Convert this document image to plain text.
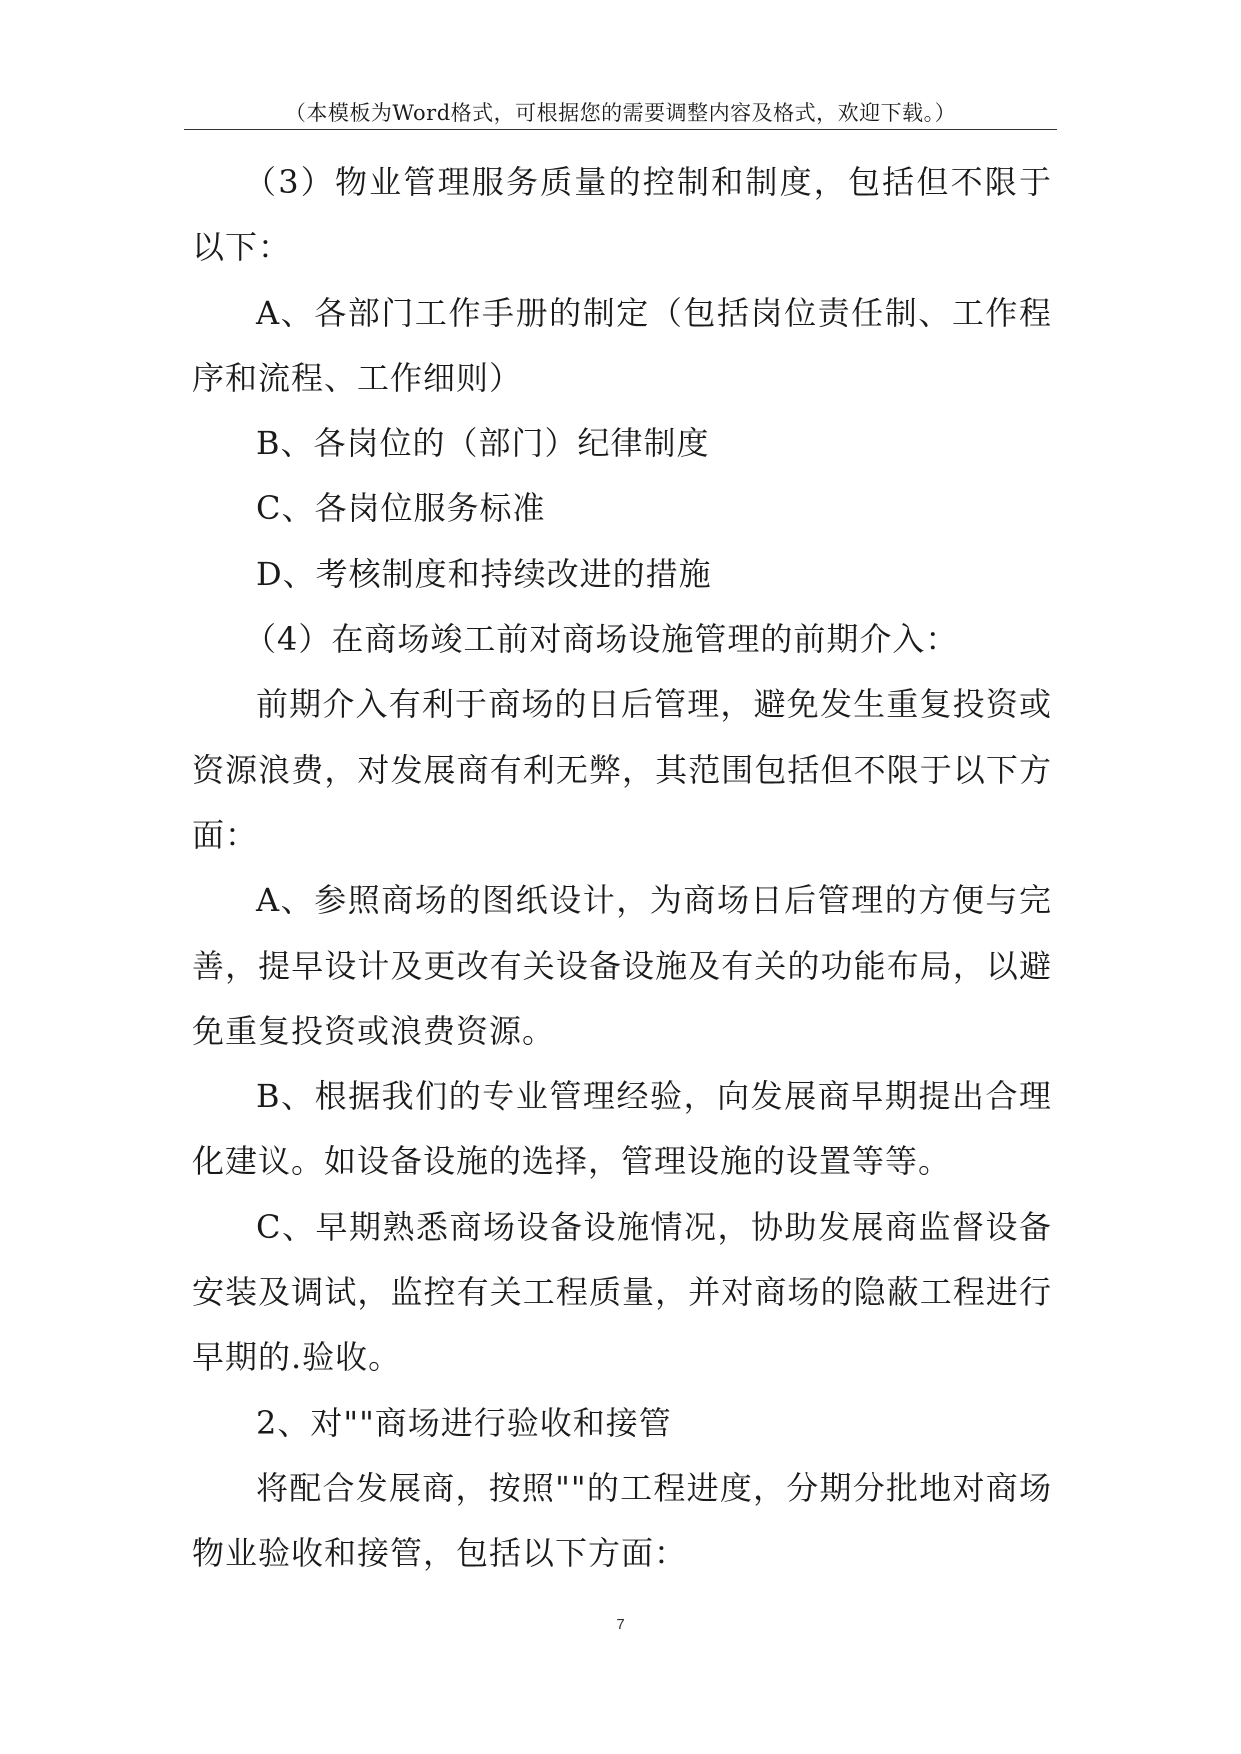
（本模板为Word格式，可根据您的需要调整内容及格式，欢迎下载。）

（3）物业管理服务质量的控制和制度，包括但不限于以下：

A、各部门工作手册的制定（包括岗位责任制、工作程序和流程、工作细则）

B、各岗位的（部门）纪律制度

C、各岗位服务标准

D、考核制度和持续改进的措施

（4）在商场竣工前对商场设施管理的前期介入：

前期介入有利于商场的日后管理，避免发生重复投资或资源浪费，对发展商有利无弊，其范围包括但不限于以下方面：

A、参照商场的图纸设计，为商场日后管理的方便与完善，提早设计及更改有关设备设施及有关的功能布局，以避免重复投资或浪费资源。

B、根据我们的专业管理经验，向发展商早期提出合理化建议。如设备设施的选择，管理设施的设置等等。

C、早期熟悉商场设备设施情况，协助发展商监督设备安装及调试，监控有关工程质量，并对商场的隐蔽工程进行早期的.验收。

2、对""商场进行验收和接管

将配合发展商，按照""的工程进度，分期分批地对商场物业验收和接管，包括以下方面：

7
